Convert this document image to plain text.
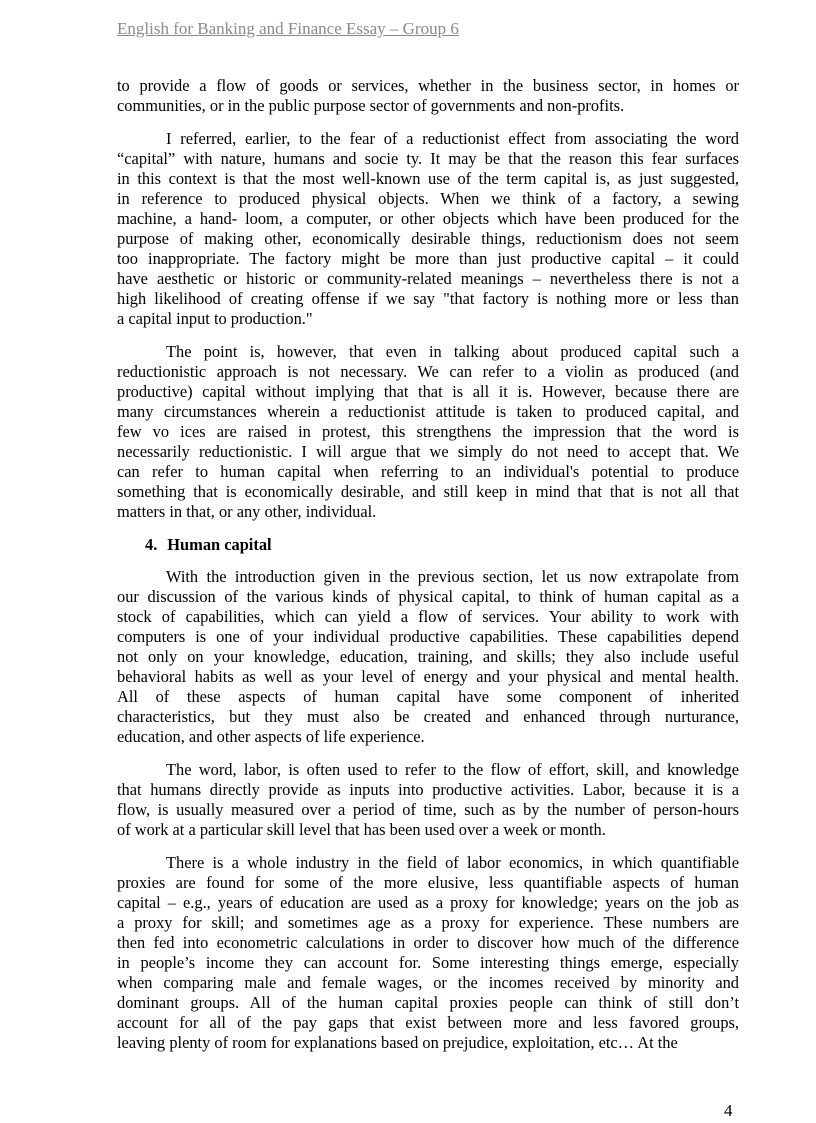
English for Banking and Finance Essay – Group 6
to provide a flow of goods or services, whether in the business sector, in homes or
communities, or in the public purpose sector of governments and non-profits.
I referred, earlier, to the fear of a reductionist effect from associating the word
“capital” with nature, humans and socie ty. It may be that the reason this fear surfaces
in this context is that the most well-known use of the term capital is, as just suggested,
in reference to produced physical objects. When we think of a factory, a sewing
machine, a hand- loom, a computer, or other objects which have been produced for the
purpose of making other, economically desirable things, reductionism does not seem
too inappropriate. The factory might be more than just productive capital – it could
have aesthetic or historic or community-related meanings – nevertheless there is not a
high likelihood of creating offense if we say "that factory is nothing more or less than
a capital input to production."
The point is, however, that even in talking about produced capital such a
reductionistic approach is not necessary. We can refer to a violin as produced (and
productive) capital without implying that that is all it is. However, because there are
many circumstances wherein a reductionist attitude is taken to produced capital, and
few vo ices are raised in protest, this strengthens the impression that the word is
necessarily reductionistic. I will argue that we simply do not need to accept that. We
can refer to human capital when referring to an individual's potential to produce
something that is economically desirable, and still keep in mind that that is not all that
matters in that, or any other, individual.
4. Human capital
With the introduction given in the previous section, let us now extrapolate from
our discussion of the various kinds of physical capital, to think of human capital as a
stock of capabilities, which can yield a flow of services. Your ability to work with
computers is one of your individual productive capabilities. These capabilities depend
not only on your knowledge, education, training, and skills; they also include useful
behavioral habits as well as your level of energy and your physical and mental health.
All of these aspects of human capital have some component of inherited
characteristics, but they must also be created and enhanced through nurturance,
education, and other aspects of life experience.
The word, labor, is often used to refer to the flow of effort, skill, and knowledge
that humans directly provide as inputs into productive activities. Labor, because it is a
flow, is usually measured over a period of time, such as by the number of person-hours
of work at a particular skill level that has been used over a week or month.
There is a whole industry in the field of labor economics, in which quantifiable
proxies are found for some of the more elusive, less quantifiable aspects of human
capital – e.g., years of education are used as a proxy for knowledge; years on the job as
a proxy for skill; and sometimes age as a proxy for experience. These numbers are
then fed into econometric calculations in order to discover how much of the difference
in people’s income they can account for. Some interesting things emerge, especially
when comparing male and female wages, or the incomes received by minority and
dominant groups. All of the human capital proxies people can think of still don’t
account for all of the pay gaps that exist between more and less favored groups,
leaving plenty of room for explanations based on prejudice, exploitation, etc… At the
4
